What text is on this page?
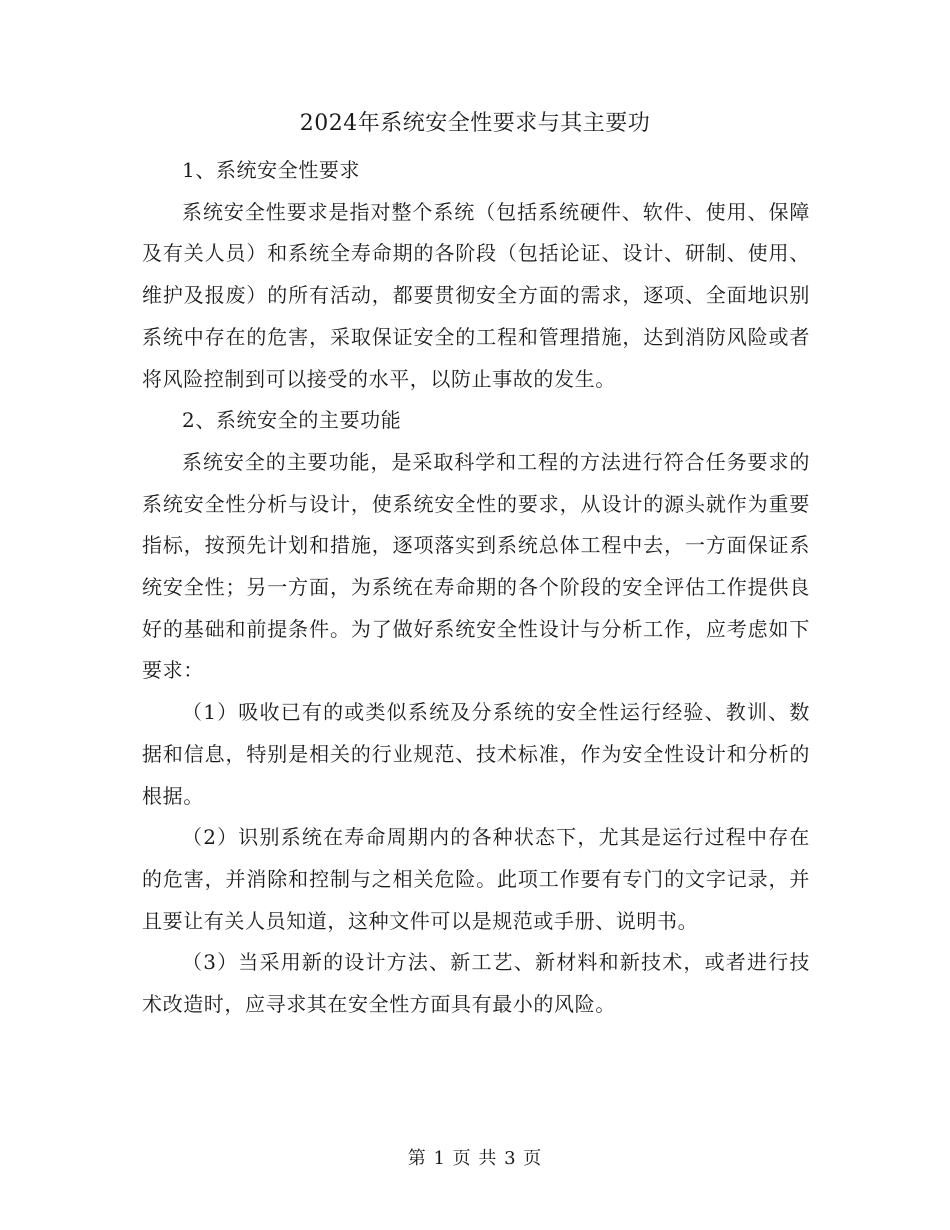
2024年系统安全性要求与其主要功

1、系统安全性要求

系统安全性要求是指对整个系统（包括系统硬件、软件、使用、保障及有关人员）和系统全寿命期的各阶段（包括论证、设计、研制、使用、维护及报废）的所有活动，都要贯彻安全方面的需求，逐项、全面地识别系统中存在的危害，采取保证安全的工程和管理措施，达到消防风险或者将风险控制到可以接受的水平，以防止事故的发生。

2、系统安全的主要功能

系统安全的主要功能，是采取科学和工程的方法进行符合任务要求的系统安全性分析与设计，使系统安全性的要求，从设计的源头就作为重要指标，按预先计划和措施，逐项落实到系统总体工程中去，一方面保证系统安全性；另一方面，为系统在寿命期的各个阶段的安全评估工作提供良好的基础和前提条件。为了做好系统安全性设计与分析工作，应考虑如下要求：

（1）吸收已有的或类似系统及分系统的安全性运行经验、教训、数据和信息，特别是相关的行业规范、技术标准，作为安全性设计和分析的根据。

（2）识别系统在寿命周期内的各种状态下，尤其是运行过程中存在的危害，并消除和控制与之相关危险。此项工作要有专门的文字记录，并且要让有关人员知道，这种文件可以是规范或手册、说明书。

（3）当采用新的设计方法、新工艺、新材料和新技术，或者进行技术改造时，应寻求其在安全性方面具有最小的风险。

第 1 页 共 3 页
